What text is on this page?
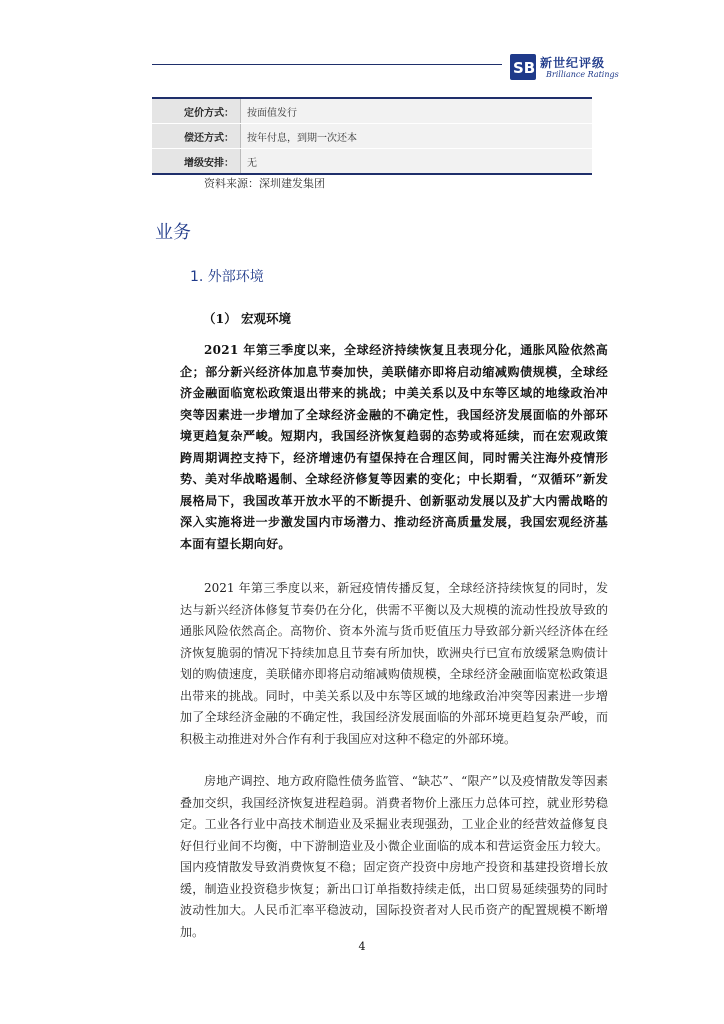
SB 新世纪评级
Brilliance Ratings
定价方式：	按面值发行
偿还方式：	按年付息，到期一次还本
增级安排：	无
资料来源：深圳建发集团
业务
1. 外部环境
（1） 宏观环境

2021 年第三季度以来，全球经济持续恢复且表现分化，通胀风险依然高企；部分新兴经济体加息节奏加快，美联储亦即将启动缩减购债规模，全球经济金融面临宽松政策退出带来的挑战；中美关系以及中东等区域的地缘政治冲突等因素进一步增加了全球经济金融的不确定性，我国经济发展面临的外部环境更趋复杂严峻。短期内，我国经济恢复趋弱的态势或将延续，而在宏观政策跨周期调控支持下，经济增速仍有望保持在合理区间，同时需关注海外疫情形势、美对华战略遏制、全球经济修复等因素的变化；中长期看，“双循环”新发展格局下，我国改革开放水平的不断提升、创新驱动发展以及扩大内需战略的深入实施将进一步激发国内市场潜力、推动经济高质量发展，我国宏观经济基本面有望长期向好。

2021 年第三季度以来，新冠疫情传播反复，全球经济持续恢复的同时，发达与新兴经济体修复节奏仍在分化，供需不平衡以及大规模的流动性投放导致的通胀风险依然高企。高物价、资本外流与货币贬值压力导致部分新兴经济体在经济恢复脆弱的情况下持续加息且节奏有所加快，欧洲央行已宣布放缓紧急购债计划的购债速度，美联储亦即将启动缩减购债规模，全球经济金融面临宽松政策退出带来的挑战。同时，中美关系以及中东等区域的地缘政治冲突等因素进一步增加了全球经济金融的不确定性，我国经济发展面临的外部环境更趋复杂严峻，而积极主动推进对外合作有利于我国应对这种不稳定的外部环境。

房地产调控、地方政府隐性债务监管、“缺芯”、“限产”以及疫情散发等因素叠加交织，我国经济恢复进程趋弱。消费者物价上涨压力总体可控，就业形势稳定。工业各行业中高技术制造业及采掘业表现强劲，工业企业的经营效益修复良好但行业间不均衡，中下游制造业及小微企业面临的成本和营运资金压力较大。国内疫情散发导致消费恢复不稳；固定资产投资中房地产投资和基建投资增长放缓，制造业投资稳步恢复；新出口订单指数持续走低，出口贸易延续强势的同时波动性加大。人民币汇率平稳波动，国际投资者对人民币资产的配置规模不断增加。

4
